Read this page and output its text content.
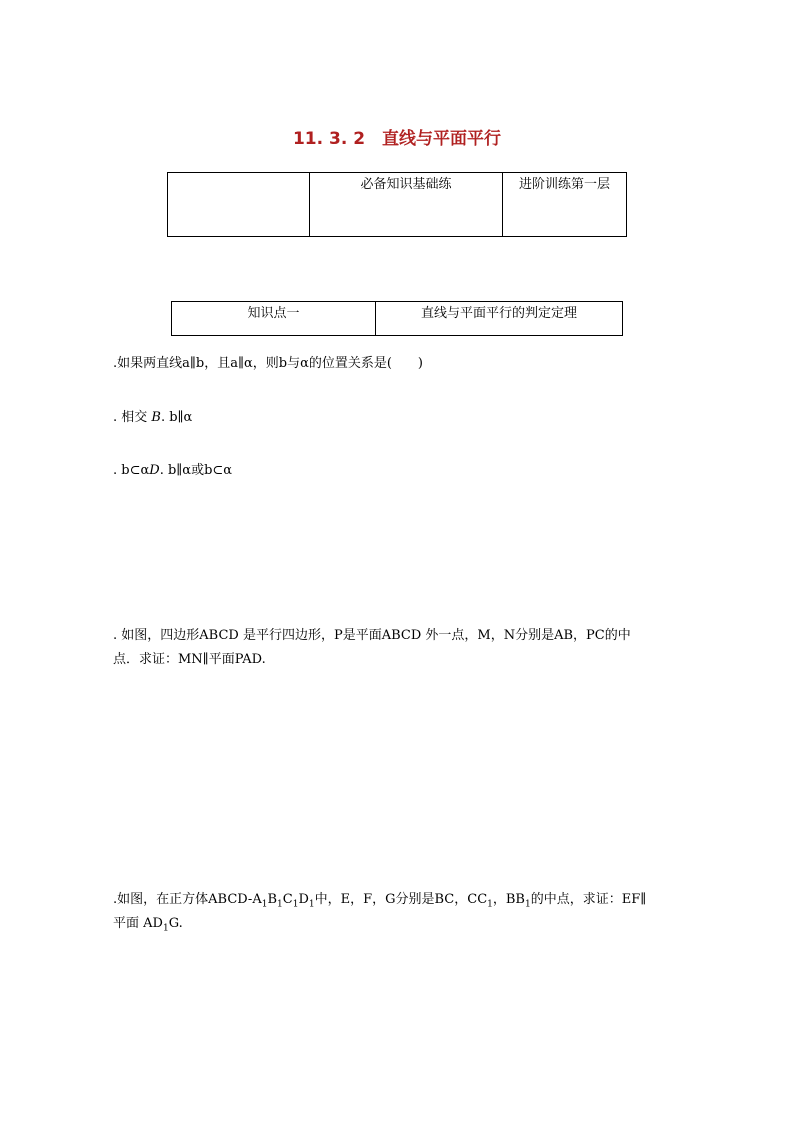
11. 3. 2　直线与平面平行
	必备知识基础练	进阶训练第一层
知识点一	直线与平面平行的判定定理
.如果两直线a∥b，且a∥α，则b与α的位置关系是(　　)
. 相交 B. b∥α
. b⊂αD. b∥α或b⊂α
. 如图，四边形ABCD 是平行四边形，P是平面ABCD 外一点，M，N分别是AB，PC的中
点．求证：MN∥平面PAD.
.如图，在正方体ABCD-$A_1B_1C_1D_1$中，E，F，G分别是BC，$CC_1$，$BB_1$的中点，求证：EF∥
平面 $AD_1G$.
